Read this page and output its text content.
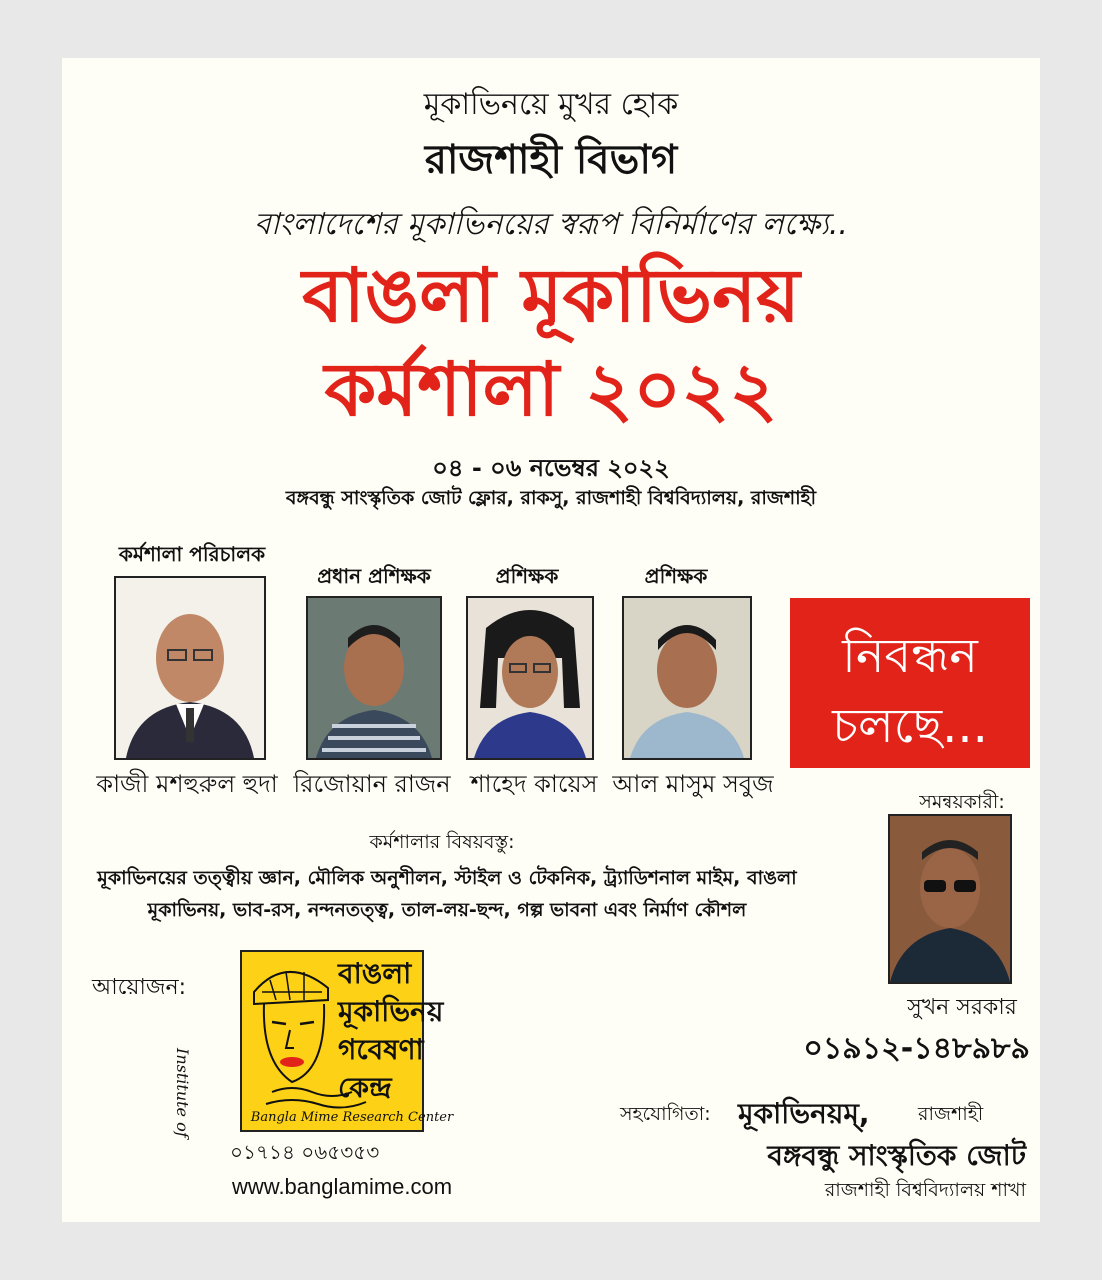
মূকাভিনয়ে মুখর হোক
রাজশাহী বিভাগ
বাংলাদেশের মূকাভিনয়ের স্বরূপ বিনির্মাণের লক্ষ্যে..
বাঙলা মূকাভিনয়
কর্মশালা ২০২২
০৪ - ০৬ নভেম্বর ২০২২
বঙ্গবন্ধু সাংস্কৃতিক জোট ফ্লোর, রাকসু, রাজশাহী বিশ্ববিদ্যালয়, রাজশাহী
কর্মশালা পরিচালক
কাজী মশহুরুল হুদা
প্রধান প্রশিক্ষক
রিজোয়ান রাজন
প্রশিক্ষক
শাহেদ কায়েস
প্রশিক্ষক
আল মাসুম সবুজ
নিবন্ধন
চলছে...
সমন্বয়কারী:
সুখন সরকার
০১৯১২-১৪৮৯৮৯
কর্মশালার বিষয়বস্তু:
মূকাভিনয়ের তত্ত্বীয় জ্ঞান, মৌলিক অনুশীলন, স্টাইল ও টেকনিক, ট্র্যাডিশনাল মাইম, বাঙলা
মূকাভিনয়, ভাব-রস, নন্দনতত্ত্ব, তাল-লয়-ছন্দ, গল্প ভাবনা এবং নির্মাণ কৌশল
আয়োজন:
Institute of
বাঙলা
মূকাভিনয়
গবেষণা
কেন্দ্র
Bangla Mime Research Center
০১৭১৪ ০৬৫৩৫৩
www.banglamime.com
সহযোগিতা: মূকাভিনয়ম্,	রাজশাহী
বঙ্গবন্ধু সাংস্কৃতিক জোট
রাজশাহী বিশ্ববিদ্যালয় শাখা
